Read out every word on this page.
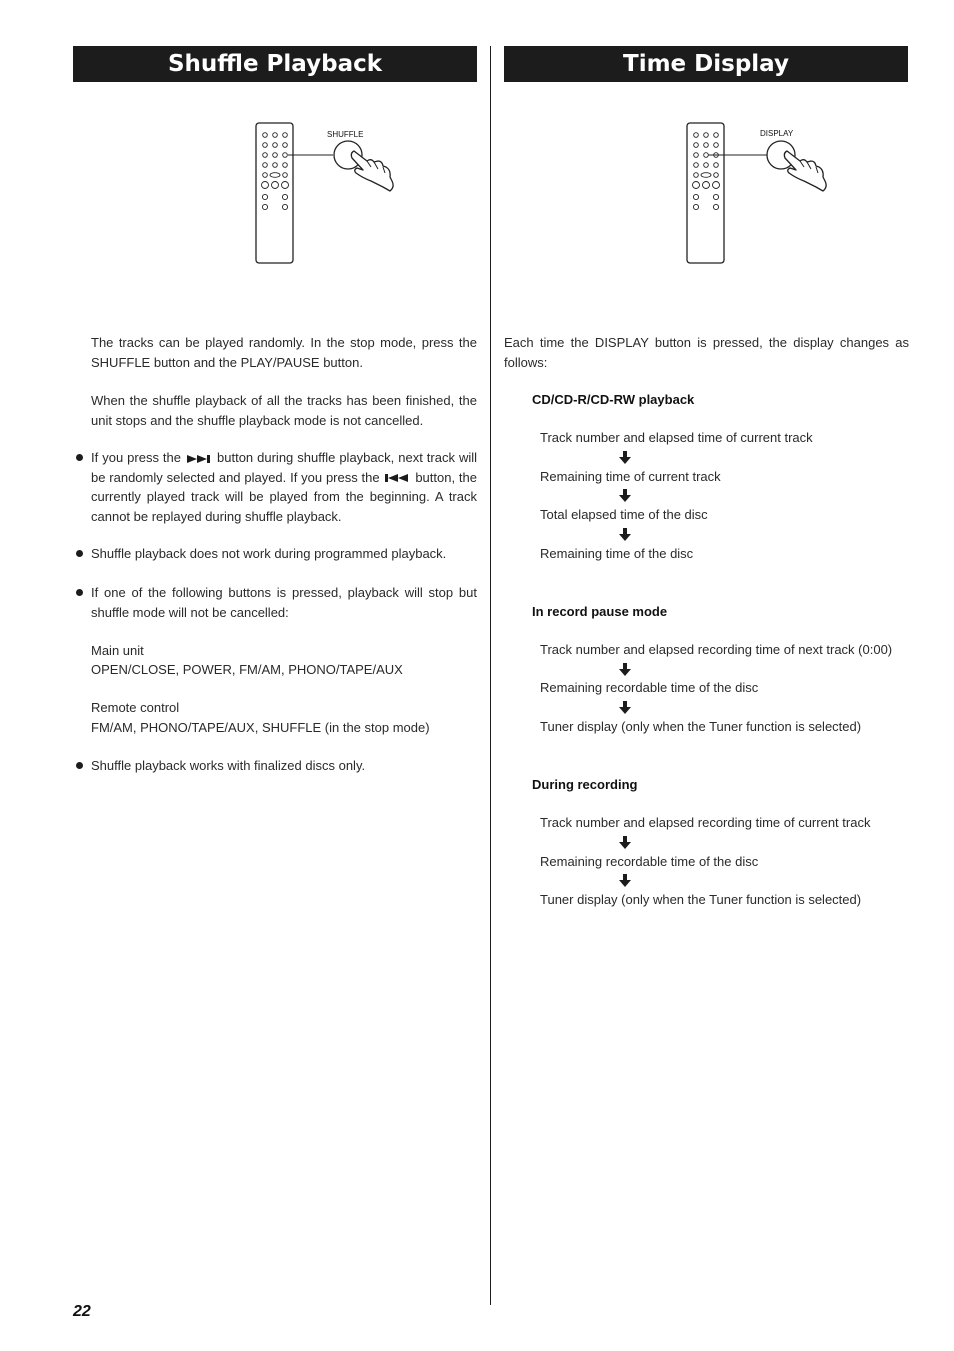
Shuffle Playback
SHUFFLE
The tracks can be played randomly. In the stop mode, press the SHUFFLE button and the PLAY/PAUSE button.
When the shuffle playback of all the tracks has been finished, the unit stops and the shuffle playback mode is not cancelled.
If you press the	button during shuffle playback, next track will be randomly selected and played. If you press the	button, the currently played track will be played from the beginning. A track cannot be replayed during shuffle playback.
Shuffle playback does not work during programmed playback.
If one of the following buttons is pressed, playback will stop but shuffle mode will not be cancelled:
Main unit
OPEN/CLOSE, POWER, FM/AM, PHONO/TAPE/AUX
Remote control
FM/AM, PHONO/TAPE/AUX, SHUFFLE (in the stop mode)
Shuffle playback works with finalized discs only.
Time Display
DISPLAY
Each time the DISPLAY button is pressed, the display changes as follows:
CD/CD-R/CD-RW playback
Track number and elapsed time of current track
Remaining time of current track
Total elapsed time of the disc
Remaining time of the disc
In record pause mode
Track number and elapsed recording time of next track (0:00)
Remaining recordable time of the disc
Tuner display (only when the Tuner function is selected)
During recording
Track number and elapsed recording time of current track
Remaining recordable time of the disc
Tuner display (only when the Tuner function is selected)
22
